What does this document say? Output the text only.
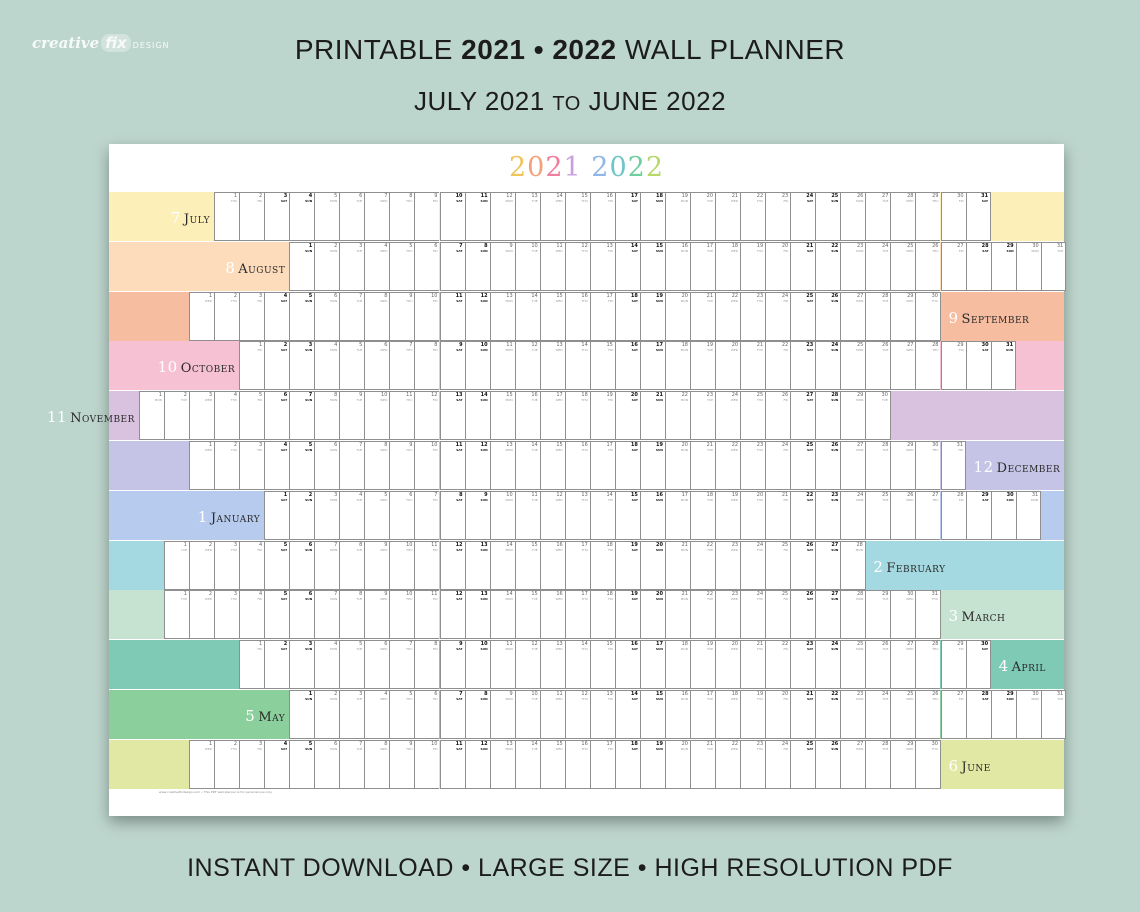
creative fix DESIGN	PRINTABLE 2021 • 2022 WALL PLANNER
JULY 2021 TO JUNE 2022
2021 2022
1
THU
2
FRI
3
SAT
4
SUN
5
MON
6
TUE
7
WED
8
THU
9
FRI
10
SAT
11
SUN
12
MON
13
TUE
14
WED
15
THU
16
FRI
17
SAT
18
SUN
19
MON
20
TUE
21
WED
22
THU
23
FRI
24
SAT
25
SUN
26
MON
27
TUE
28
WED
29
THU
30
FRI
31
SAT
7 July
1
SUN
2
MON
3
TUE
4
WED
5
THU
6
FRI
7
SAT
8
SUN
9
MON
10
TUE
11
WED
12
THU
13
FRI
14
SAT
15
SUN
16
MON
17
TUE
18
WED
19
THU
20
FRI
21
SAT
22
SUN
23
MON
24
TUE
25
WED
26
THU
27
FRI
28
SAT
29
SUN
30
MON
31
TUE
8 August
1
WED
2
THU
3
FRI
4
SAT
5
SUN
6
MON
7
TUE
8
WED
9
THU
10
FRI
11
SAT
12
SUN
13
MON
14
TUE
15
WED
16
THU
17
FRI
18
SAT
19
SUN
20
MON
21
TUE
22
WED
23
THU
24
FRI
25
SAT
26
SUN
27
MON
28
TUE
29
WED
30
THU
9 September
1
FRI
2
SAT
3
SUN
4
MON
5
TUE
6
WED
7
THU
8
FRI
9
SAT
10
SUN
11
MON
12
TUE
13
WED
14
THU
15
FRI
16
SAT
17
SUN
18
MON
19
TUE
20
WED
21
THU
22
FRI
23
SAT
24
SUN
25
MON
26
TUE
27
WED
28
THU
29
FRI
30
SAT
31
SUN
10 October
1
MON
2
TUE
3
WED
4
THU
5
FRI
6
SAT
7
SUN
8
MON
9
TUE
10
WED
11
THU
12
FRI
13
SAT
14
SUN
15
MON
16
TUE
17
WED
18
THU
19
FRI
20
SAT
21
SUN
22
MON
23
TUE
24
WED
25
THU
26
FRI
27
SAT
28
SUN
29
MON
30
TUE
11 November
1
WED
2
THU
3
FRI
4
SAT
5
SUN
6
MON
7
TUE
8
WED
9
THU
10
FRI
11
SAT
12
SUN
13
MON
14
TUE
15
WED
16
THU
17
FRI
18
SAT
19
SUN
20
MON
21
TUE
22
WED
23
THU
24
FRI
25
SAT
26
SUN
27
MON
28
TUE
29
WED
30
THU
31
FRI
12 December
1
SAT
2
SUN
3
MON
4
TUE
5
WED
6
THU
7
FRI
8
SAT
9
SUN
10
MON
11
TUE
12
WED
13
THU
14
FRI
15
SAT
16
SUN
17
MON
18
TUE
19
WED
20
THU
21
FRI
22
SAT
23
SUN
24
MON
25
TUE
26
WED
27
THU
28
FRI
29
SAT
30
SUN
31
MON
1 January
1
TUE
2
WED
3
THU
4
FRI
5
SAT
6
SUN
7
MON
8
TUE
9
WED
10
THU
11
FRI
12
SAT
13
SUN
14
MON
15
TUE
16
WED
17
THU
18
FRI
19
SAT
20
SUN
21
MON
22
TUE
23
WED
24
THU
25
FRI
26
SAT
27
SUN
28
MON
2 February
1
TUE
2
WED
3
THU
4
FRI
5
SAT
6
SUN
7
MON
8
TUE
9
WED
10
THU
11
FRI
12
SAT
13
SUN
14
MON
15
TUE
16
WED
17
THU
18
FRI
19
SAT
20
SUN
21
MON
22
TUE
23
WED
24
THU
25
FRI
26
SAT
27
SUN
28
MON
29
TUE
30
WED
31
THU
3 March
1
FRI
2
SAT
3
SUN
4
MON
5
TUE
6
WED
7
THU
8
FRI
9
SAT
10
SUN
11
MON
12
TUE
13
WED
14
THU
15
FRI
16
SAT
17
SUN
18
MON
19
TUE
20
WED
21
THU
22
FRI
23
SAT
24
SUN
25
MON
26
TUE
27
WED
28
THU
29
FRI
30
SAT
4 April
1
SUN
2
MON
3
TUE
4
WED
5
THU
6
FRI
7
SAT
8
SUN
9
MON
10
TUE
11
WED
12
THU
13
FRI
14
SAT
15
SUN
16
MON
17
TUE
18
WED
19
THU
20
FRI
21
SAT
22
SUN
23
MON
24
TUE
25
WED
26
THU
27
FRI
28
SAT
29
SUN
30
MON
31
TUE
5 May
1
WED
2
THU
3
FRI
4
SAT
5
SUN
6
MON
7
TUE
8
WED
9
THU
10
FRI
11
SAT
12
SUN
13
MON
14
TUE
15
WED
16
THU
17
FRI
18
SAT
19
SUN
20
MON
21
TUE
22
WED
23
THU
24
FRI
25
SAT
26
SUN
27
MON
28
TUE
29
WED
30
THU
6 June
www.creativefixdesign.com • This PDF wall planner is for personal use only
INSTANT DOWNLOAD • LARGE SIZE • HIGH RESOLUTION PDF
